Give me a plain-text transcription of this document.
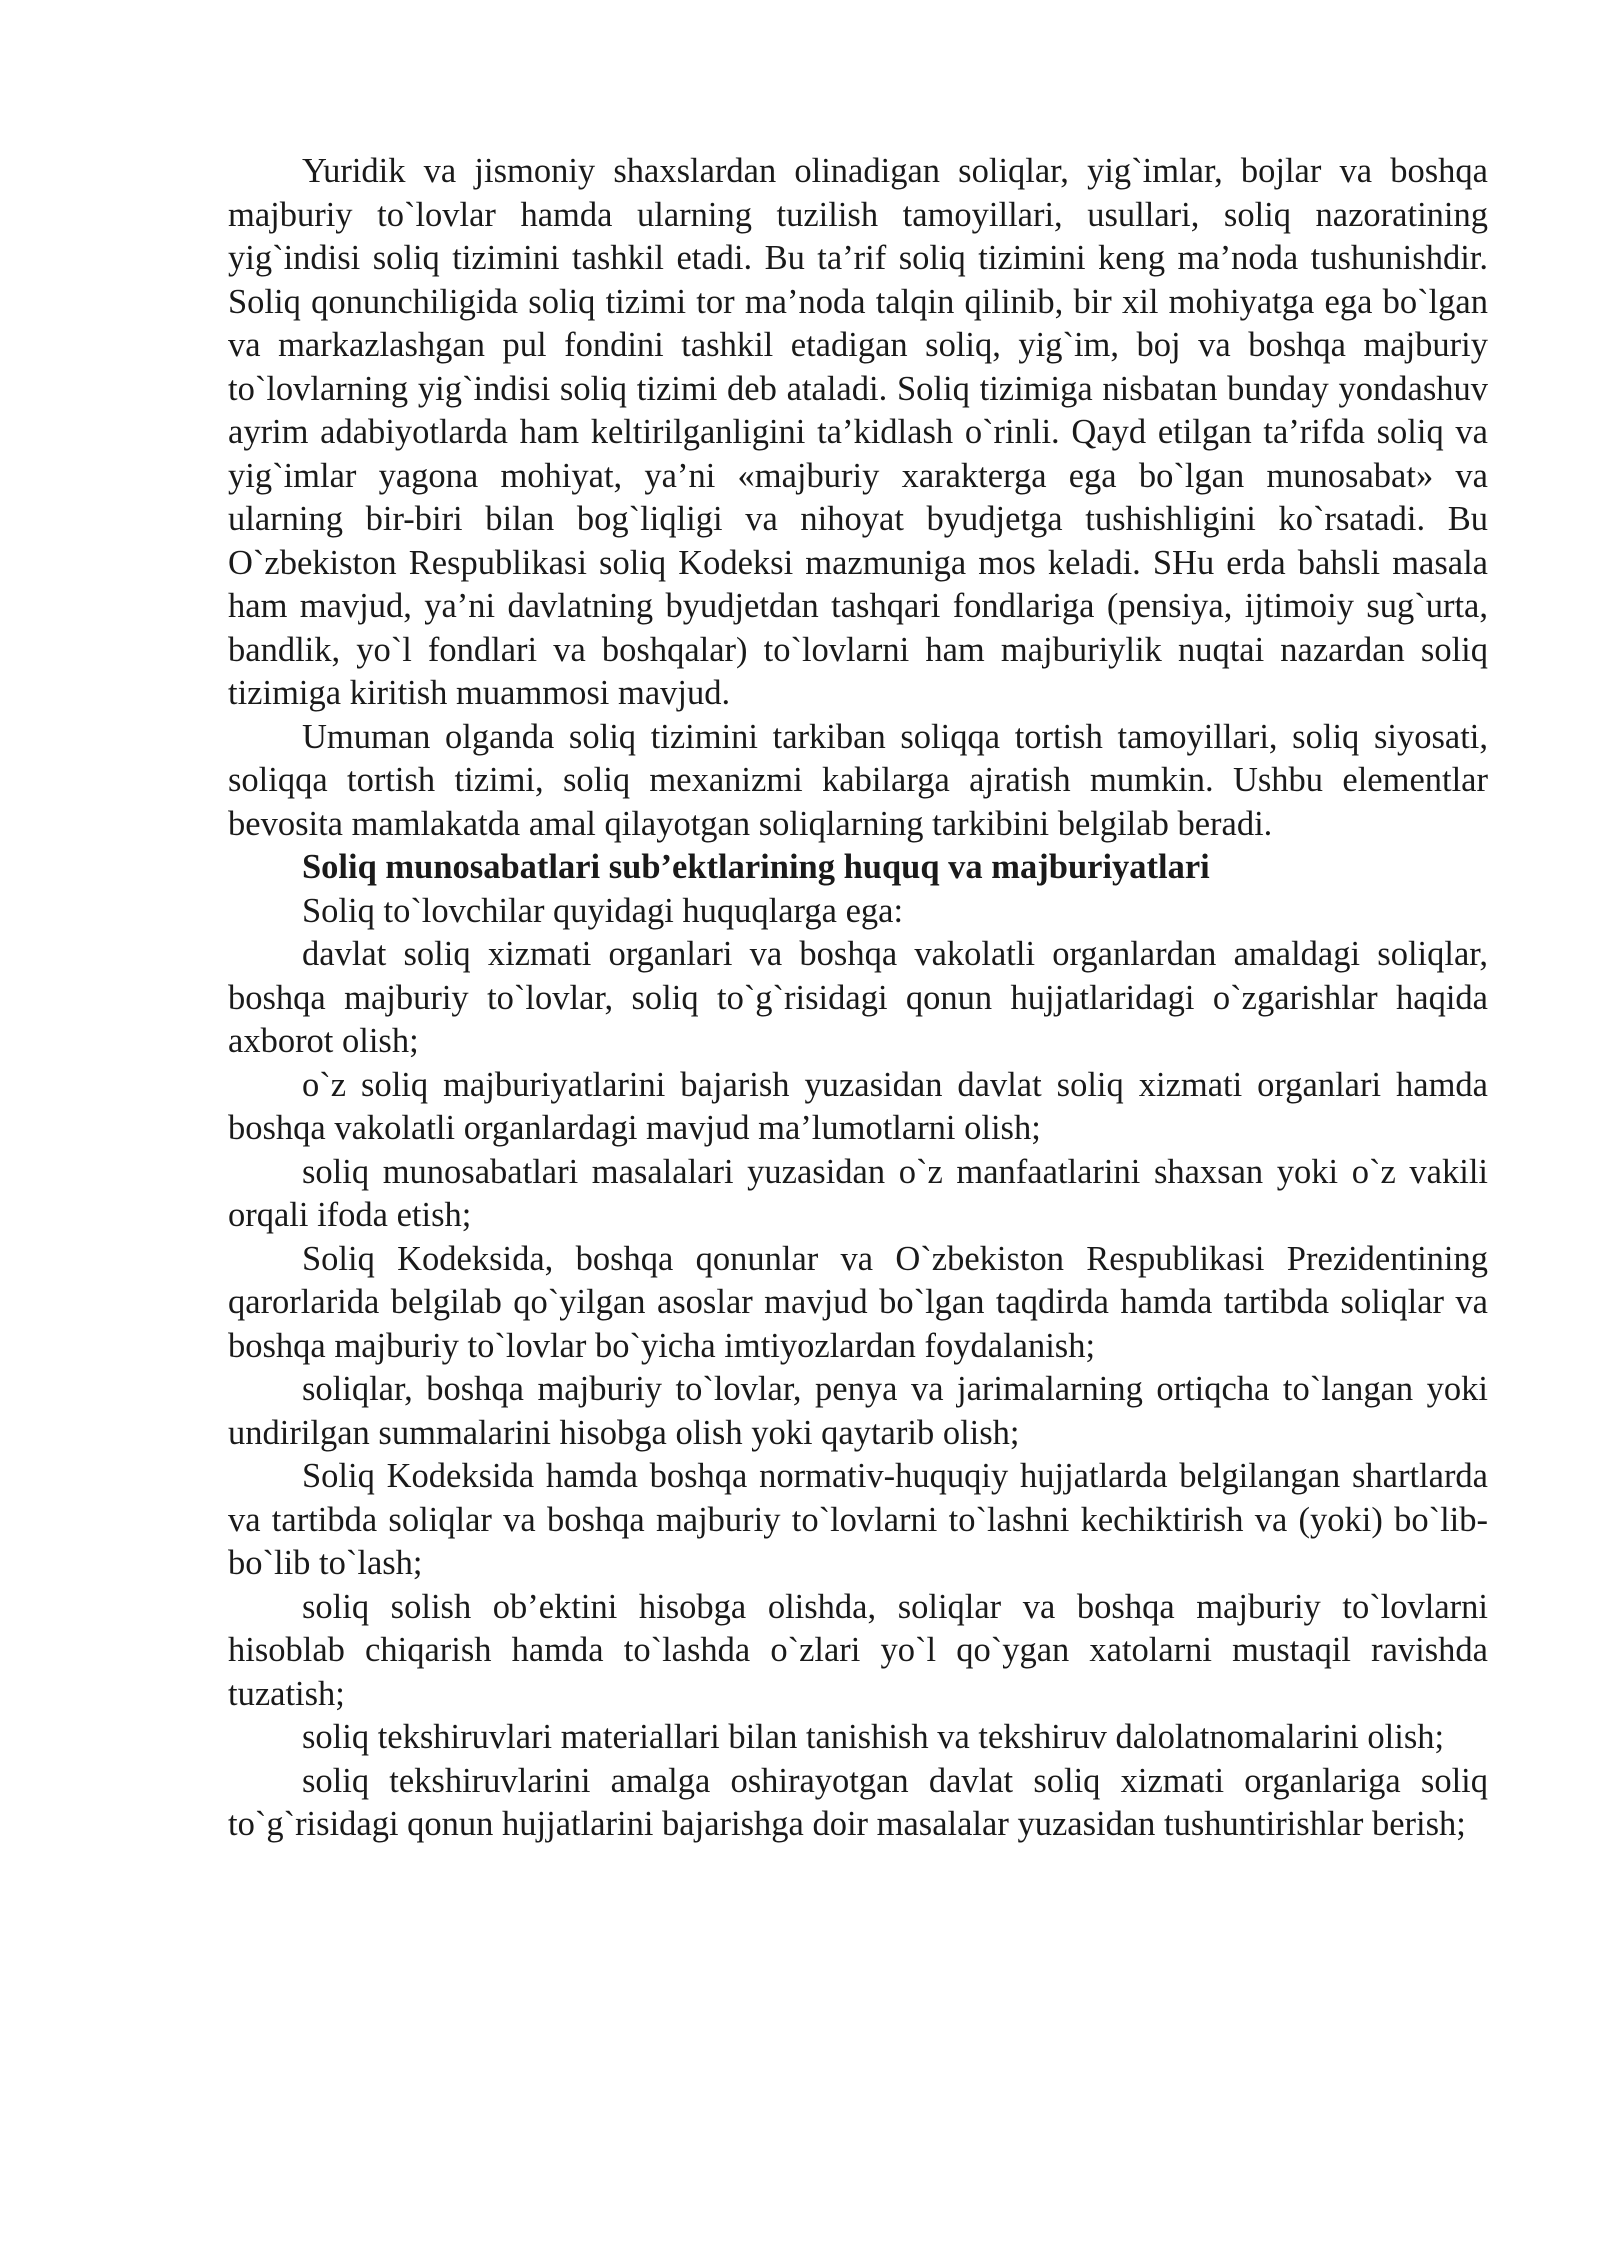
Yuridik va jismoniy shaxslardan olinadigan soliqlar, yig`imlar, bojlar va boshqa majburiy to`lovlar hamda ularning tuzilish tamoyillari, usullari, soliq nazoratining yig`indisi soliq tizimini tashkil etadi. Bu ta’rif soliq tizimini keng ma’noda tushunishdir. Soliq qonunchiligida soliq tizimi tor ma’noda talqin qilinib, bir xil mohiyatga ega bo`lgan va markazlashgan pul fondini tashkil etadigan soliq, yig`im, boj va boshqa majburiy to`lovlarning yig`indisi soliq tizimi deb ataladi. Soliq tizimiga nisbatan bunday yondashuv ayrim adabiyotlarda ham keltirilganligini ta’kidlash o`rinli. Qayd etilgan ta’rifda soliq va yig`imlar yagona mohiyat, ya’ni «majburiy xarakterga ega bo`lgan munosabat» va ularning bir-biri bilan bog`liqligi va nihoyat byudjetga tushishligini ko`rsatadi. Bu O`zbekiston Respublikasi soliq Kodeksi mazmuniga mos keladi. SHu erda bahsli masala ham mavjud, ya’ni davlatning byudjetdan tashqari fondlariga (pensiya, ijtimoiy sug`urta, bandlik, yo`l fondlari va boshqalar) to`lovlarni ham majburiylik nuqtai nazardan soliq tizimiga kiritish muammosi mavjud.

Umuman olganda soliq tizimini tarkiban soliqqa tortish tamoyillari, soliq siyosati, soliqqa tortish tizimi, soliq mexanizmi kabilarga ajratish mumkin. Ushbu elementlar bevosita mamlakatda amal qilayotgan soliqlarning tarkibini belgilab beradi.

Soliq munosabatlari sub’ektlarining huquq va majburiyatlari

Soliq to`lovchilar quyidagi huquqlarga ega:

davlat soliq xizmati organlari va boshqa vakolatli organlardan amaldagi soliqlar, boshqa majburiy to`lovlar, soliq to`g`risidagi qonun hujjatlaridagi o`zgarishlar haqida axborot olish;

o`z soliq majburiyatlarini bajarish yuzasidan davlat soliq xizmati organlari hamda boshqa vakolatli organlardagi mavjud ma’lumotlarni olish;

soliq munosabatlari masalalari yuzasidan o`z manfaatlarini shaxsan yoki o`z vakili orqali ifoda etish;

Soliq Kodeksida, boshqa qonunlar va O`zbekiston Respublikasi Prezidentining qarorlarida belgilab qo`yilgan asoslar mavjud bo`lgan taqdirda hamda tartibda soliqlar va boshqa majburiy to`lovlar bo`yicha imtiyozlardan foydalanish;

soliqlar, boshqa majburiy to`lovlar, penya va jarimalarning ortiqcha to`langan yoki undirilgan summalarini hisobga olish yoki qaytarib olish;

Soliq Kodeksida hamda boshqa normativ-huquqiy hujjatlarda belgilangan shartlarda va tartibda soliqlar va boshqa majburiy to`lovlarni to`lashni kechiktirish va (yoki) bo`lib-bo`lib to`lash;

soliq solish ob’ektini hisobga olishda, soliqlar va boshqa majburiy to`lovlarni hisoblab chiqarish hamda to`lashda o`zlari yo`l qo`ygan xatolarni mustaqil ravishda tuzatish;

soliq tekshiruvlari materiallari bilan tanishish va tekshiruv dalolatnomalarini olish;

soliq tekshiruvlarini amalga oshirayotgan davlat soliq xizmati organlariga soliq to`g`risidagi qonun hujjatlarini bajarishga doir masalalar yuzasidan tushuntirishlar berish;
